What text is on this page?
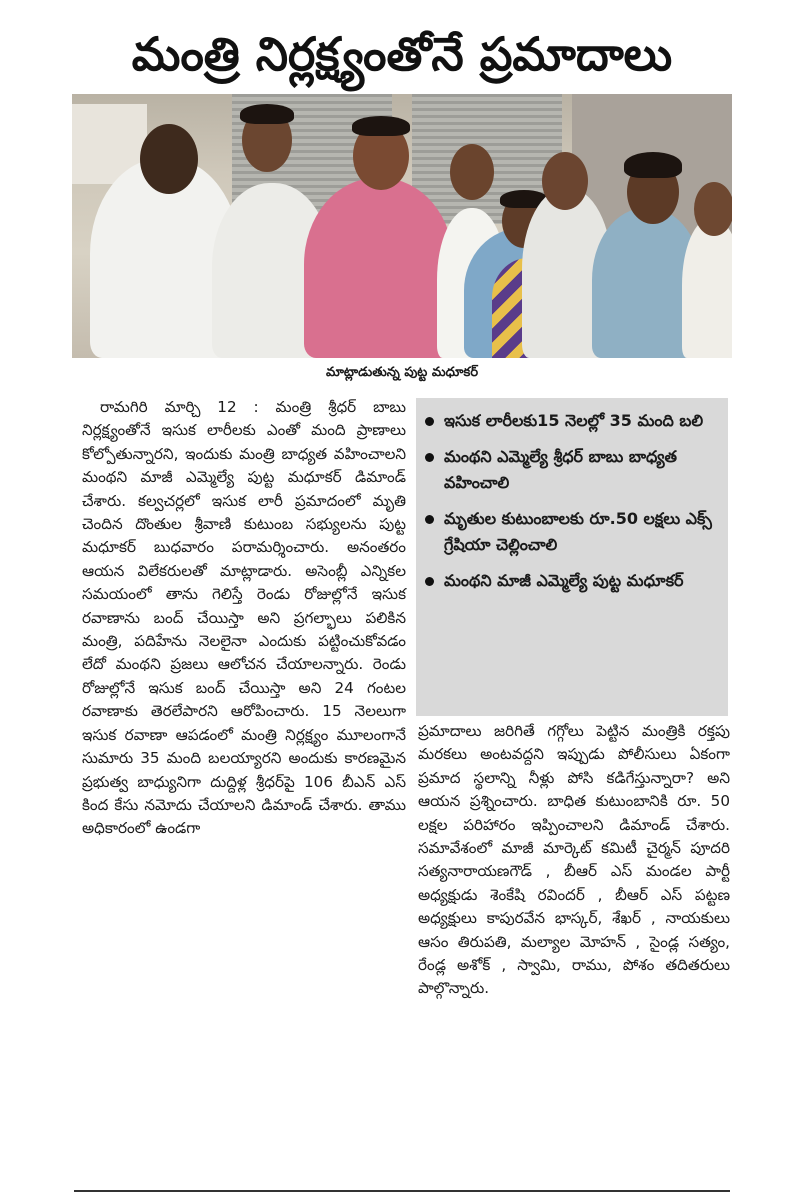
మంత్రి నిర్లక్ష్యంతోనే ప్రమాదాలు
మాట్లాడుతున్న పుట్ట మధూకర్

రామగిరి మార్చి 12 : మంత్రి శ్రీధర్ బాబు నిర్లక్ష్యంతోనే ఇసుక లారీలకు ఎంతో మంది ప్రాణాలు కోల్పోతున్నారని, ఇందుకు మంత్రి బాధ్యత వహించాలని మంథని మాజీ ఎమ్మెల్యే పుట్ట మధూకర్ డిమాండ్ చేశారు. కల్వచర్లలో ఇసుక లారీ ప్రమాదంలో మృతి చెందిన దొంతుల శ్రీవాణి కుటుంబ సభ్యులను పుట్ట మధూకర్ బుధవారం పరామర్శించారు. అనంతరం ఆయన విలేకరులతో మాట్లాడారు. అసెంబ్లీ ఎన్నికల సమయంలో తాను గెలిస్తే రెండు రోజుల్లోనే ఇసుక రవాణాను బంద్ చేయిస్తా అని ప్రగల్భాలు పలికిన మంత్రి, పదిహేను నెలలైనా ఎందుకు పట్టించుకోవడం లేదో మంథని ప్రజలు ఆలోచన చేయాలన్నారు. రెండు రోజుల్లోనే ఇసుక బంద్ చేయిస్తా అని 24 గంటల రవాణాకు తెరలేపారని ఆరోపించారు. 15 నెలలుగా ఇసుక రవాణా ఆపడంలో మంత్రి నిర్లక్ష్యం మూలంగానే సుమారు 35 మంది బలయ్యారని అందుకు కారణమైన ప్రభుత్వ బాధ్యునిగా దుద్దిళ్ల శ్రీధర్‌పై 106 బీఎన్ ఎస్ కింద కేసు నమోదు చేయాలని డిమాండ్ చేశారు. తాము అధికారంలో ఉండగా

ఇసుక లారీలకు15 నెలల్లో 35 మంది బలి
మంథని ఎమ్మెల్యే శ్రీధర్ బాబు బాధ్యత వహించాలి
మృతుల కుటుంబాలకు రూ.50 లక్షలు ఎక్స్ గ్రేషియా చెల్లించాలి
మంథని మాజీ ఎమ్మెల్యే పుట్ట మధూకర్

ప్రమాదాలు జరిగితే గగ్గోలు పెట్టిన మంత్రికి రక్తపు మరకలు అంటవద్దని ఇప్పుడు పోలీసులు ఏకంగా ప్రమాద స్థలాన్ని నీళ్లు పోసి కడిగేస్తున్నారా? అని ఆయన ప్రశ్నించారు. బాధిత కుటుంబానికి రూ. 50 లక్షల పరిహారం ఇప్పించాలని డిమాండ్ చేశారు. సమావేశంలో మాజీ మార్కెట్ కమిటీ చైర్మన్ పూదరి సత్యనారాయణగౌడ్ , బీఆర్ ఎస్ మండల పార్టీ అధ్యక్షుడు శెంకేషి రవిందర్ , బీఆర్ ఎస్ పట్టణ అధ్యక్షులు కాపురవేన భాస్కర్, శేఖర్ , నాయకులు ఆసం తిరుపతి, మల్యాల మోహన్ , సైండ్ల సత్యం, రేండ్ల అశోక్ , స్వామి, రాము, పోశం తదితరులు పాల్గొన్నారు.
